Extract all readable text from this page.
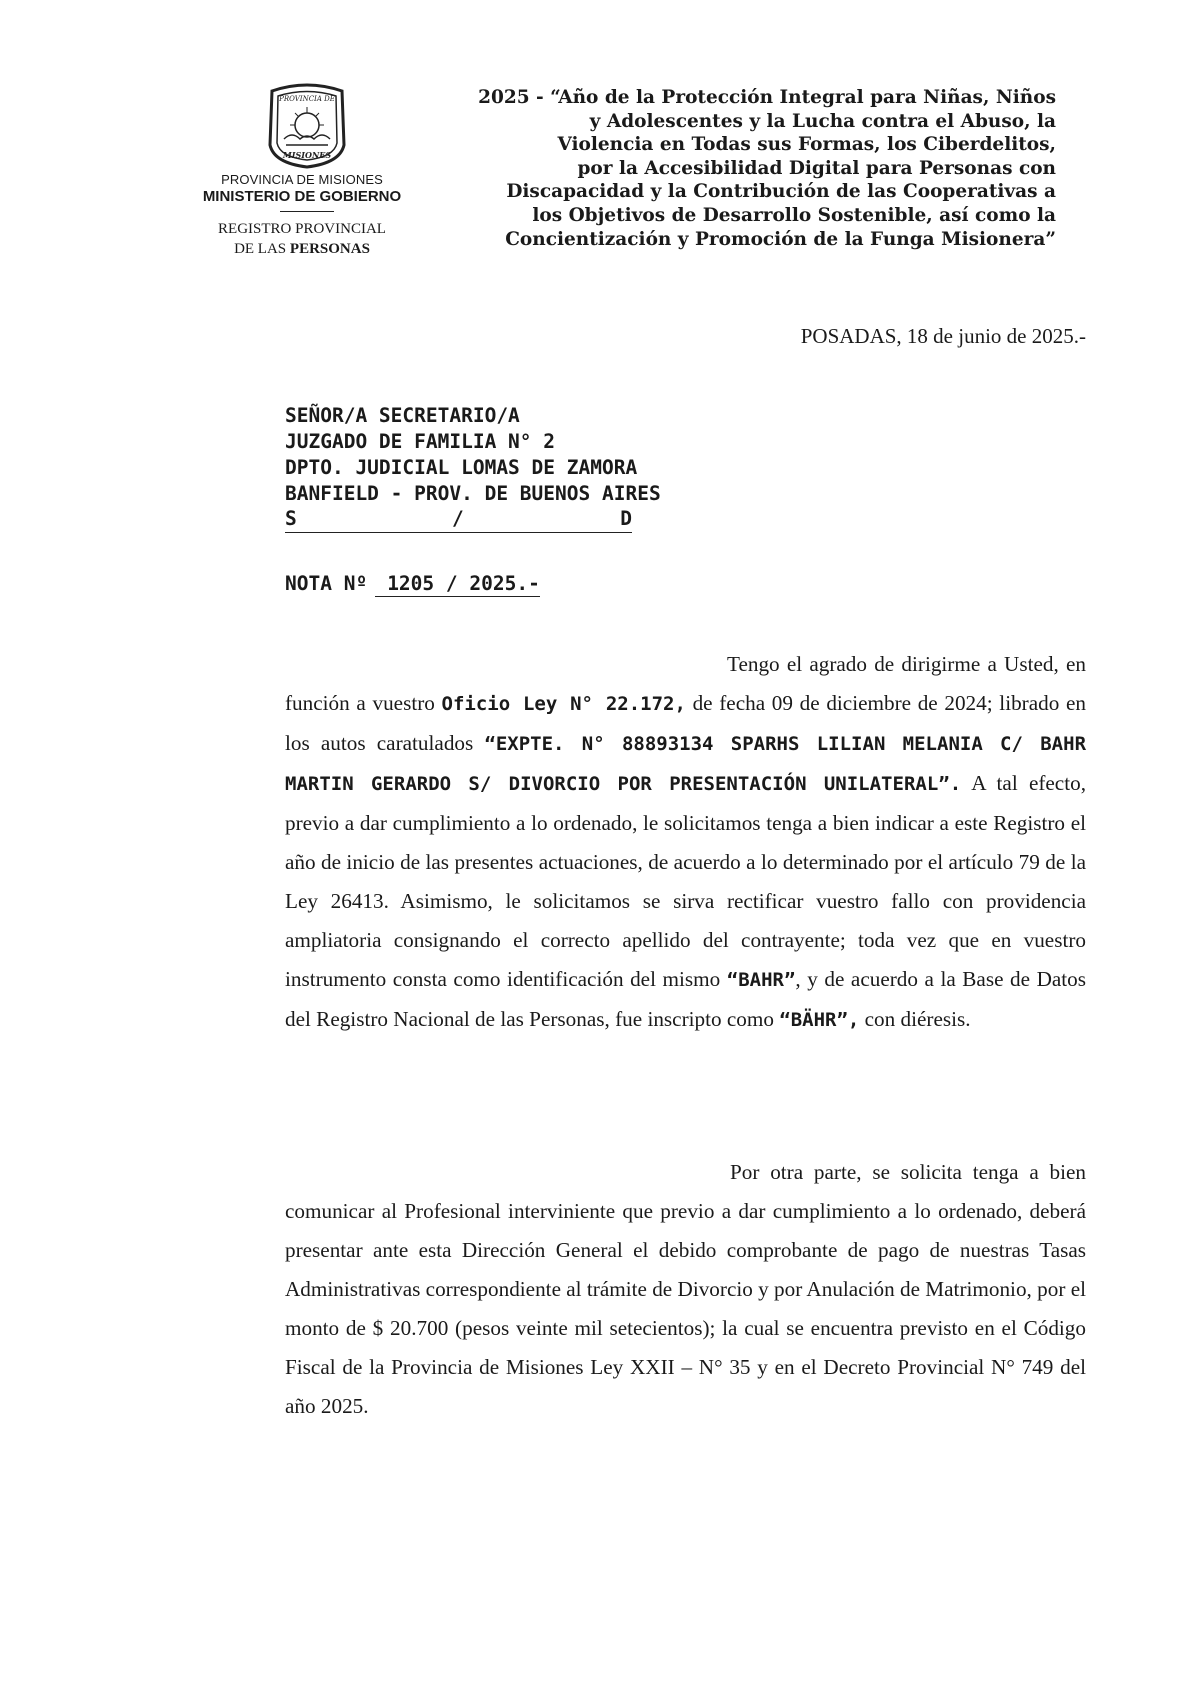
PROVINCIA DE
MISIONES
PROVINCIA DE MISIONES
MINISTERIO DE GOBIERNO
REGISTRO PROVINCIAL
DE LAS PERSONAS
2025 - “Año de la Protección Integral para Niñas, Niños
y Adolescentes y la Lucha contra el Abuso, la
Violencia en Todas sus Formas, los Ciberdelitos,
por la Accesibilidad Digital para Personas con
Discapacidad y la Contribución de las Cooperativas a
los Objetivos de Desarrollo Sostenible, así como la
Concientización y Promoción de la Funga Misionera”
POSADAS, 18 de junio de 2025.-
SEÑOR/A SECRETARIO/A
JUZGADO DE FAMILIA N° 2
DPTO. JUDICIAL LOMAS DE ZAMORA
BANFIELD - PROV. DE BUENOS AIRES
S	/	D
NOTA Nº 1205 / 2025.-
Tengo el agrado de dirigirme a Usted, en función a vuestro Oficio Ley N° 22.172, de fecha 09 de diciembre de 2024; librado en los autos caratulados “EXPTE. N° 88893134 SPARHS LILIAN MELANIA C/ BAHR MARTIN GERARDO S/ DIVORCIO POR PRESENTACIÓN UNILATERAL”. A tal efecto, previo a dar cumplimiento a lo ordenado, le solicitamos tenga a bien indicar a este Registro el año de inicio de las presentes actuaciones, de acuerdo a lo determinado por el artículo 79 de la Ley 26413. Asimismo, le solicitamos se sirva rectificar vuestro fallo con providencia ampliatoria consignando el correcto apellido del contrayente; toda vez que en vuestro instrumento consta como identificación del mismo “BAHR”, y de acuerdo a la Base de Datos del Registro Nacional de las Personas, fue inscripto como “BÄHR”, con diéresis.
Por otra parte, se solicita tenga a bien comunicar al Profesional interviniente que previo a dar cumplimiento a lo ordenado, deberá presentar ante esta Dirección General el debido comprobante de pago de nuestras Tasas Administrativas correspondiente al trámite de Divorcio y por Anulación de Matrimonio, por el monto de $ 20.700 (pesos veinte mil setecientos); la cual se encuentra previsto en el Código Fiscal de la Provincia de Misiones Ley XXII – N° 35 y en el Decreto Provincial N° 749 del año 2025.
